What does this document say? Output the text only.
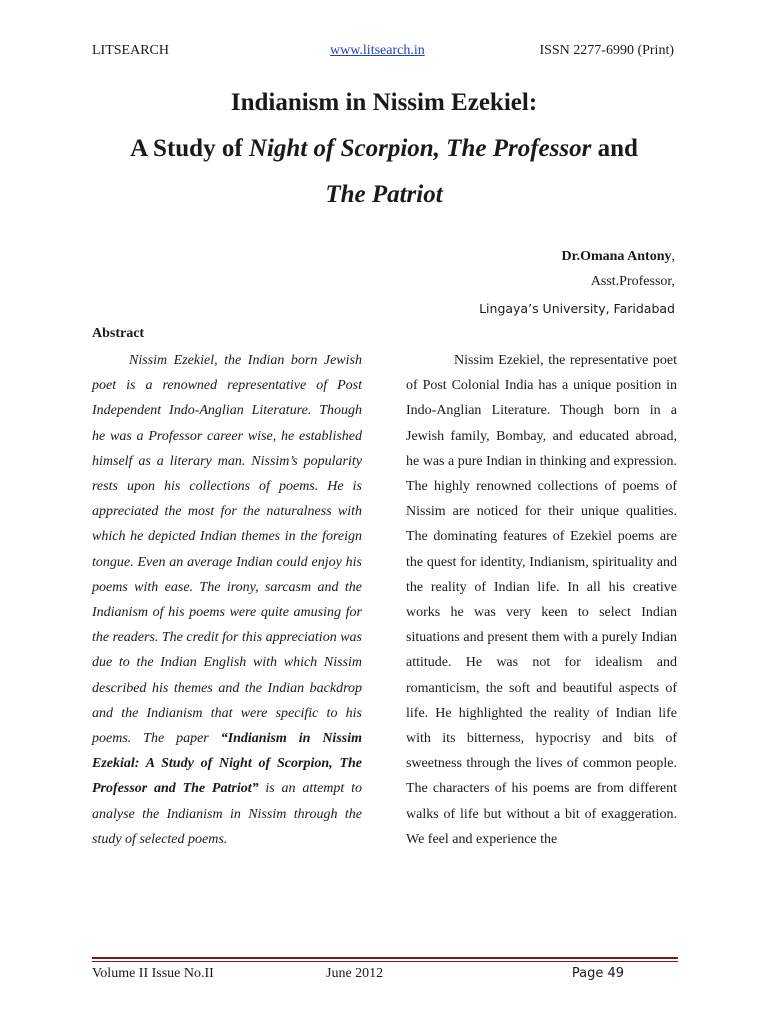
LITSEARCH	www.litsearch.in	ISSN 2277-6990 (Print)
Indianism in Nissim Ezekiel:
A Study of Night of Scorpion, The Professor and
The Patriot
Dr.Omana Antony,
Asst.Professor,
Lingaya’s University, Faridabad
Abstract

Nissim Ezekiel, the Indian born Jewish poet is a renowned representative of Post Independent Indo-Anglian Literature. Though he was a Professor career wise, he established himself as a literary man. Nissim’s popularity rests upon his collections of poems. He is appreciated the most for the naturalness with which he depicted Indian themes in the foreign tongue. Even an average Indian could enjoy his poems with ease. The irony, sarcasm and the Indianism of his poems were quite amusing for the readers. The credit for this appreciation was due to the Indian English with which Nissim described his themes and the Indian backdrop and the Indianism that were specific to his poems. The paper “Indianism in Nissim Ezekial: A Study of Night of Scorpion, The Professor and The Patriot” is an attempt to analyse the Indianism in Nissim through the study of selected poems.

Nissim Ezekiel, the representative poet of Post Colonial India has a unique position in Indo-Anglian Literature. Though born in a Jewish family, Bombay, and educated abroad, he was a pure Indian in thinking and expression. The highly renowned collections of poems of Nissim are noticed for their unique qualities. The dominating features of Ezekiel poems are the quest for identity, Indianism, spirituality and the reality of Indian life. In all his creative works he was very keen to select Indian situations and present them with a purely Indian attitude. He was not for idealism and romanticism, the soft and beautiful aspects of life. He highlighted the reality of Indian life with its bitterness, hypocrisy and bits of sweetness through the lives of common people. The characters of his poems are from different walks of life but without a bit of exaggeration. We feel and experience the

Volume II Issue No.II	June 2012	Page 49
